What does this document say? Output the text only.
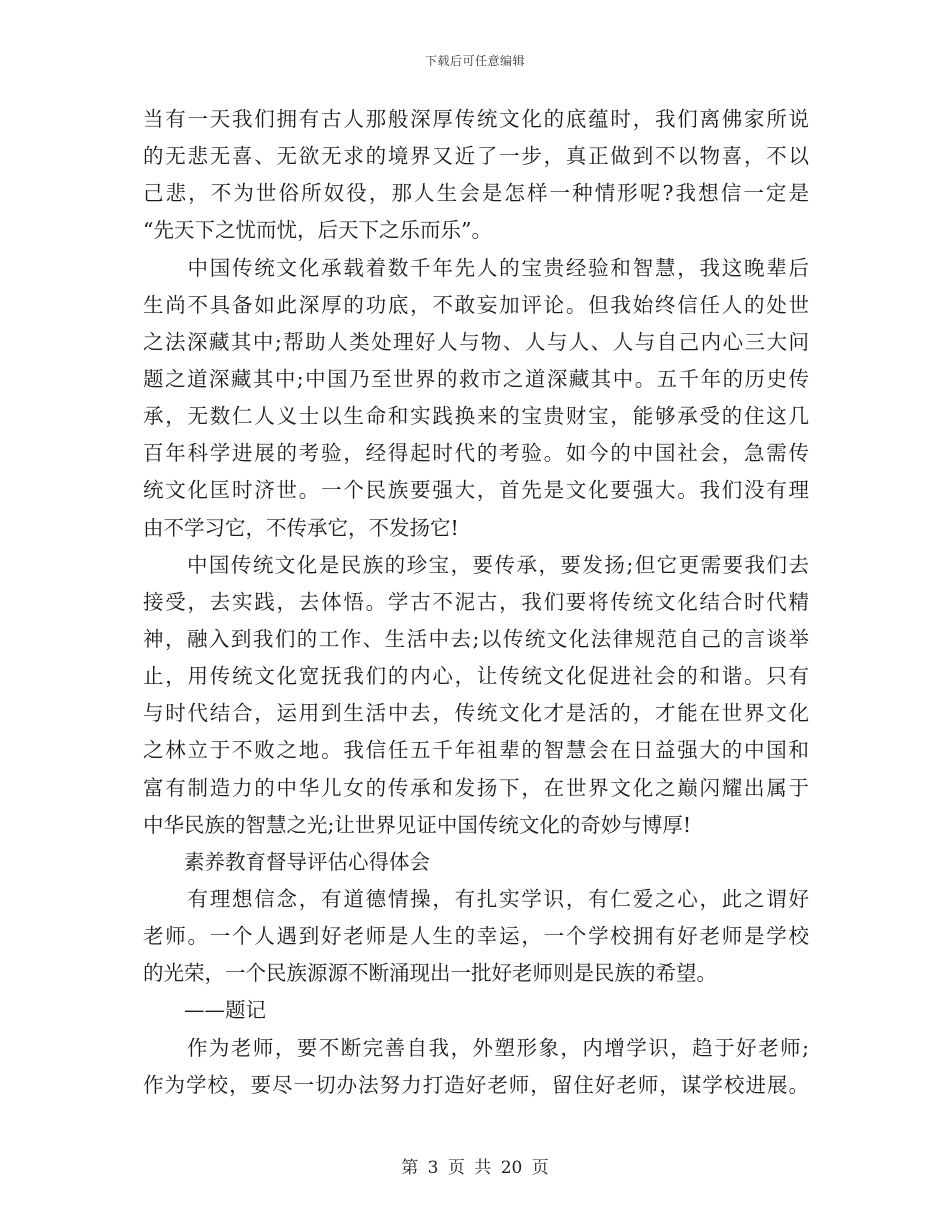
下载后可任意编辑
当有一天我们拥有古人那般深厚传统文化的底蕴时，我们离佛家所说
的无悲无喜、无欲无求的境界又近了一步，真正做到不以物喜，不以
己悲，不为世俗所奴役，那人生会是怎样一种情形呢?我想信一定是
“先天下之忧而忧，后天下之乐而乐”。
　　中国传统文化承载着数千年先人的宝贵经验和智慧，我这晚辈后
生尚不具备如此深厚的功底，不敢妄加评论。但我始终信任人的处世
之法深藏其中;帮助人类处理好人与物、人与人、人与自己内心三大问
题之道深藏其中;中国乃至世界的救市之道深藏其中。五千年的历史传
承，无数仁人义士以生命和实践换来的宝贵财宝，能够承受的住这几
百年科学进展的考验，经得起时代的考验。如今的中国社会，急需传
统文化匡时济世。一个民族要强大，首先是文化要强大。我们没有理
由不学习它，不传承它，不发扬它!
　　中国传统文化是民族的珍宝，要传承，要发扬;但它更需要我们去
接受，去实践，去体悟。学古不泥古，我们要将传统文化结合时代精
神，融入到我们的工作、生活中去;以传统文化法律规范自己的言谈举
止，用传统文化宽抚我们的内心，让传统文化促进社会的和谐。只有
与时代结合，运用到生活中去，传统文化才是活的，才能在世界文化
之林立于不败之地。我信任五千年祖辈的智慧会在日益强大的中国和
富有制造力的中华儿女的传承和发扬下，在世界文化之巅闪耀出属于
中华民族的智慧之光;让世界见证中国传统文化的奇妙与博厚!
　　素养教育督导评估心得体会
　　有理想信念，有道德情操，有扎实学识，有仁爱之心，此之谓好
老师。一个人遇到好老师是人生的幸运，一个学校拥有好老师是学校
的光荣，一个民族源源不断涌现出一批好老师则是民族的希望。
　　——题记
　　作为老师，要不断完善自我，外塑形象，内增学识，趋于好老师;
作为学校，要尽一切办法努力打造好老师，留住好老师，谋学校进展。
第 3 页 共 20 页
